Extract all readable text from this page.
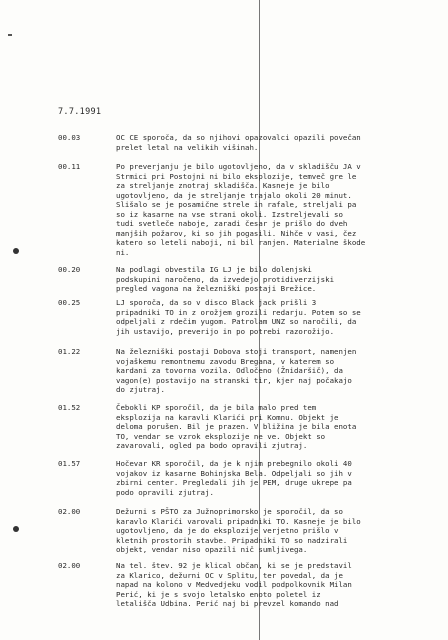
7.7.1991
00.03	OC CE sporoča, da so njihovi opazovalci opazili povečan
prelet letal na velikih višinah.
00.11	Po preverjanju je bilo ugotovljeno, da v skladišču JA v
Strmici pri Postojni ni bilo eksplozije, temveč gre le
za streljanje znotraj skladišča. Kasneje je bilo
ugotovljeno, da je streljanje trajalo okoli 20 minut.
Slišalo se je posamične strele in rafale, streljali pa
so iz kasarne na vse strani okoli. Izstreljevali so
tudi svetleče naboje, zaradi česar je prišlo do dveh
manjših požarov, ki so jih pogasili. Nihče v vasi, čez
katero so leteli naboji, ni bil ranjen. Materialne škode
ni.
00.20	Na podlagi obvestila IG LJ je bilo dolenjski
podskupini naročeno, da izvedejo protidiverzijski
pregled vagona na železniški postaji Brežice.
00.25	LJ sporoča, da so v disco Black jack prišli 3
pripadniki TO in z orožjem grozili redarju. Potem so se
odpeljali z rdečim yugom. Patrolam UNZ so naročili, da
jih ustavijo, preverijo in po potrebi razorožijo.
01.22	Na železniški postaji Dobova stoji transport, namenjen
vojaškemu remontnemu zavodu Bregana, v katerem so
kardani za tovorna vozila. Odločeno (Žnidaršič), da
vagon(e) postavijo na stranski tir, kjer naj počakajo
do zjutraj.
01.52	Čebokli KP sporočil, da je bila malo pred tem
eksplozija na karavli Klarići pri Komnu. Objekt je
deloma porušen. Bil je prazen. V bližina je bila enota
TO, vendar se vzrok eksplozije ne ve. Objekt so
zavarovali, ogled pa bodo opravili zjutraj.
01.57	Hočevar KR sporočil, da je k njim prebegnilo okoli 40
vojakov iz kasarne Bohinjska Bela. Odpeljali so jih v
zbirni center. Pregledali jih je PEM, druge ukrepe pa
podo opravili zjutraj.
02.00	Dežurni s PŠTO za Južnoprimorsko je sporočil, da so
karavlo Klarići varovali pripadniki TO. Kasneje je bilo
ugotovljeno, da je do eksplozije verjetno prišlo v
kletnih prostorih stavbe. Pripadniki TO so nadzirali
objekt, vendar niso opazili nič sumljivega.
02.00	Na tel. štev. 92 je klical občan, ki se je predstavil
za Klarico, dežurni OC v Splitu, ter povedal, da je
napad na kolono v Medvedjeku vodil podpolkovnik Milan
Perić, ki je s svojo letalsko enoto poletel iz
letališča Udbina. Perić naj bi prevzel komando nad
